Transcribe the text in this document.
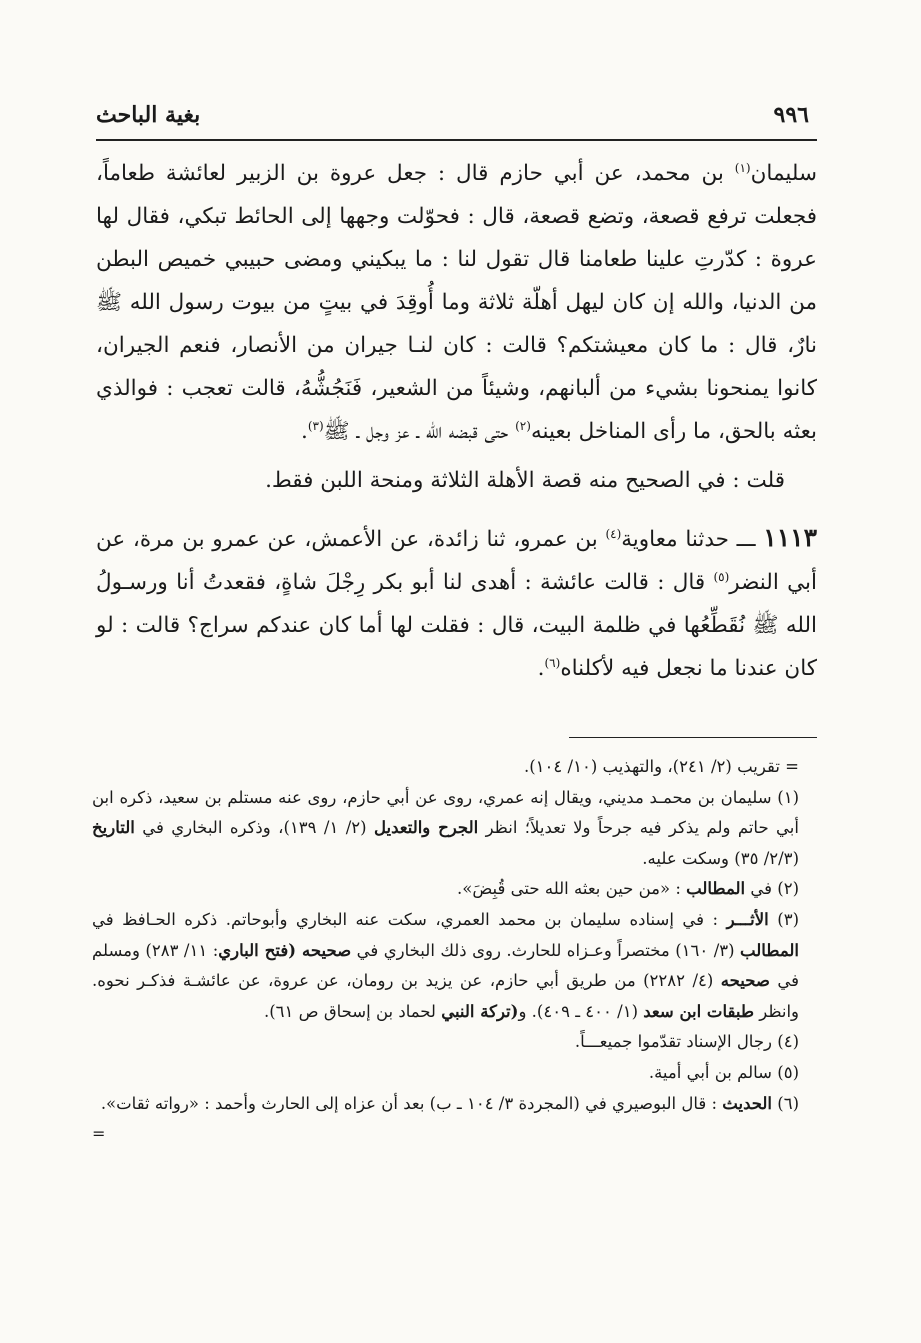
٩٩٦
بغية الباحث

سليمان$^{(١)}$ بن محمد، عن أبي حازم قال : جعل عروة بن الزبير لعائشة طعاماً، فجعلت ترفع قصعة، وتضع قصعة، قال : فحوّلت وجهها إلى الحائط تبكي، فقال لها عروة : كدّرتِ علينا طعامنا قال تقول لنا : ما يبكيني ومضى حبيبي خميص البطن من الدنيا، والله إن كان ليهل أهلّة ثلاثة وما أُوقِدَ في بيتٍ من بيوت رسول الله ﷺ نارٌ، قال : ما كان معيشتكم؟ قالت : كان لنـا جيران من الأنصار، فنعم الجيران، كانوا يمنحونا بشيء من ألبانهم، وشيئاً من الشعير، فَنَجُشُّهُ، قالت تعجب : فوالذي بعثه بالحق، ما رأى المناخل بعينه$^{(٢)}$ حتى قبضه الله ـ عز وجل ـ ﷺ$^{(٣)}$.

قلت : في الصحيح منه قصة الأهلة الثلاثة ومنحة اللبن فقط.

١١١٣ ـــ حدثنا معاوية$^{(٤)}$ بن عمرو، ثنا زائدة، عن الأعمش، عن عمرو بن مرة، عن أبي النضر$^{(٥)}$ قال : قالت عائشة : أهدى لنا أبو بكر رِجْلَ شاةٍ، فقعدتُ أنا ورسـولُ الله ﷺ نُقَطِّعُها في ظلمة البيت، قال : فقلت لها أما كان عندكم سراج؟ قالت : لو كان عندنا ما نجعل فيه لأكلناه$^{(٦)}$.

= تقريب (٢/ ٢٤١)، والتهذيب (١٠/ ١٠٤).

(١) سليمان بن محمـد مديني، ويقال إنه عمري، روى عن أبي حازم، روى عنه مستلم بن سعيد، ذكره ابن أبي حاتم ولم يذكر فيه جرحاً ولا تعديلاً؛ انظر الجرح والتعديل (٢/ ١/ ١٣٩)، وذكره البخاري في التاريخ (٢/٣/ ٣٥) وسكت عليه.

(٢) في المطالب : «من حين بعثه الله حتى قُبِضَ».

(٣) الأثـــر : في إسناده سليمان بن محمد العمري، سكت عنه البخاري وأبوحاتم. ذكره الحـافظ في المطالب (٣/ ١٦٠) مختصراً وعـزاه للحارث. روى ذلك البخاري في صحيحه (فتح الباري: ١١/ ٢٨٣) ومسلم في صحيحه (٤/ ٢٢٨٢) من طريق أبي حازم، عن يزيد بن رومان، عن عروة، عن عائشـة فذكـر نحوه. وانظر طبقات ابن سعد (١/ ٤٠٠ ـ ٤٠٩). و(تركة النبي لحماد بن إسحاق ص ٦١).

(٤) رجال الإسناد تقدّموا جميعـــاً.

(٥) سالم بن أبي أمية.

(٦) الحديث : قال البوصيري في (المجردة ٣/ ١٠٤ ـ ب) بعد أن عزاه إلى الحارث وأحمد : «رواته ثقات».
=
